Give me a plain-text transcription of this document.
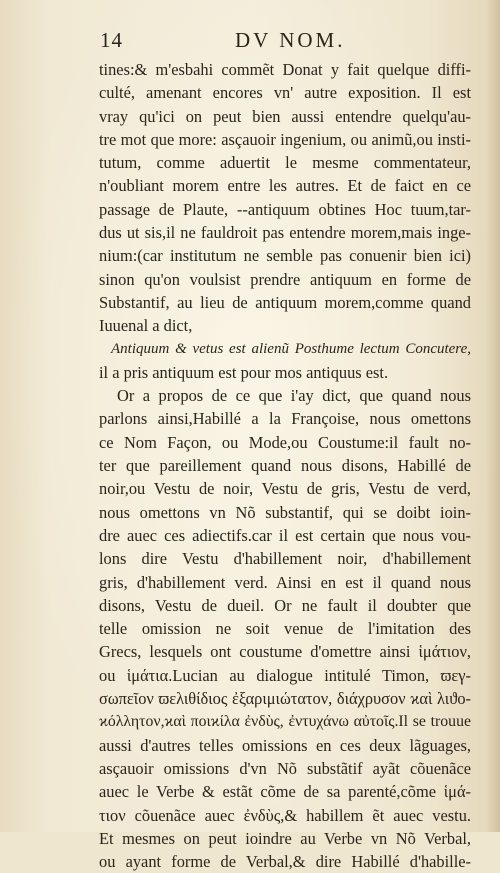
14	DV NOM.
tines:& m'esbahi commẽt Donat y fait quelque diffi-
culté, amenant encores vn' autre exposition. Il est
vray qu'ici on peut bien aussi entendre quelqu'au-
tre mot que more: asçauoir ingenium, ou animũ,ou insti-
tutum, comme aduertit le mesme commentateur,
n'oubliant morem entre les autres. Et de faict en ce
passage de Plaute, --antiquum obtines Hoc tuum,tar-
dus ut sis,il ne fauldroit pas entendre morem,mais inge-
nium:(car institutum ne semble pas conuenir bien ici)
sinon qu'on voulsist prendre antiquum en forme de
Substantif, au lieu de antiquum morem,comme quand
Iuuenal a dict,
Antiquum & vetus est alienũ Posthume lectum Concutere,
il a pris antiquum est pour mos antiquus est.
Or a propos de ce que i'ay dict, que quand nous
parlons ainsi,Habillé a la Françoise, nous omettons
ce Nom Façon, ou Mode,ou Coustume:il fault no-
ter que pareillement quand nous disons, Habillé de
noir,ou Vestu de noir, Vestu de gris, Vestu de verd,
nous omettons vn Nõ substantif, qui se doibt ioin-
dre auec ces adiectifs.car il est certain que nous vou-
lons dire Vestu d'habillement noir, d'habillement
gris, d'habillement verd. Ainsi en est il quand nous
disons, Vestu de dueil. Or ne fault il doubter que
telle omission ne soit venue de l'imitation des
Grecs, lesquels ont coustume d'omettre ainsi ἱμάτιον,
ou ἱμάτια.Lucian au dialogue intitulé Timon, ϖεγ-
σωπεῖον ϖελιθίδιος ἐξαριμιώτατον, διάχρυσον ϰαὶ λιϑο-
ϰόλλητον,ϰαὶ ποιϰίλα ἐνδὺς, ἐντυχάνω αὐτοῖς.Il se trouue
aussi d'autres telles omissions en ces deux lãguages,
asçauoir omissions d'vn Nõ substãtif ayãt cõuenãce
auec le Verbe & estãt cõme de sa parenté,cõme ἱμά-
τιον cõuenãce auec ἐνδὺς,& habillem ẽt auec vestu.
Et mesmes on peut ioindre au Verbe vn Nõ Verbal,
ou ayant forme de Verbal,& dire Habillé d'habille-
